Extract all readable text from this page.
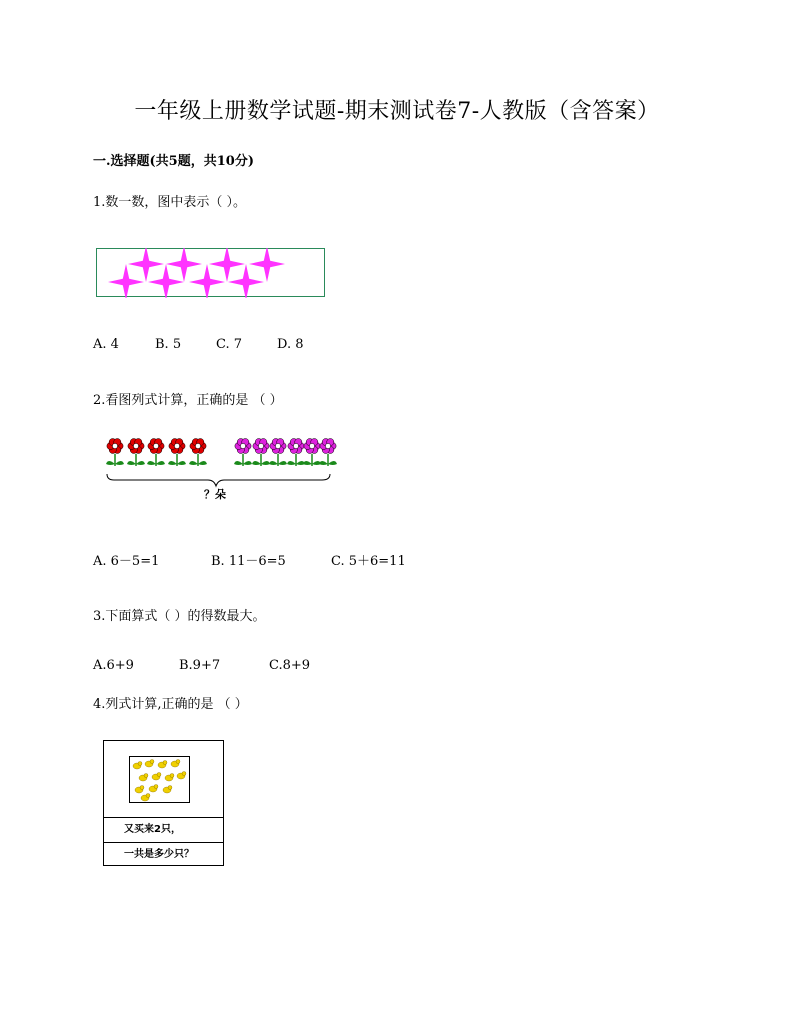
一年级上册数学试题-期末测试卷7-人教版（含答案）
一.选择题(共5题，共10分)
1.数一数，图中表示（ ）。
A. 4	B. 5	C. 7	D. 8
2.看图列式计算，正确的是 （ ）
？朵
A. 6－5=1	B. 11－6=5	C. 5＋6=11
3.下面算式（ ）的得数最大。
A.6+9	B.9+7	C.8+9
4.列式计算,正确的是 （ ）
又买来2只，
一共是多少只？
